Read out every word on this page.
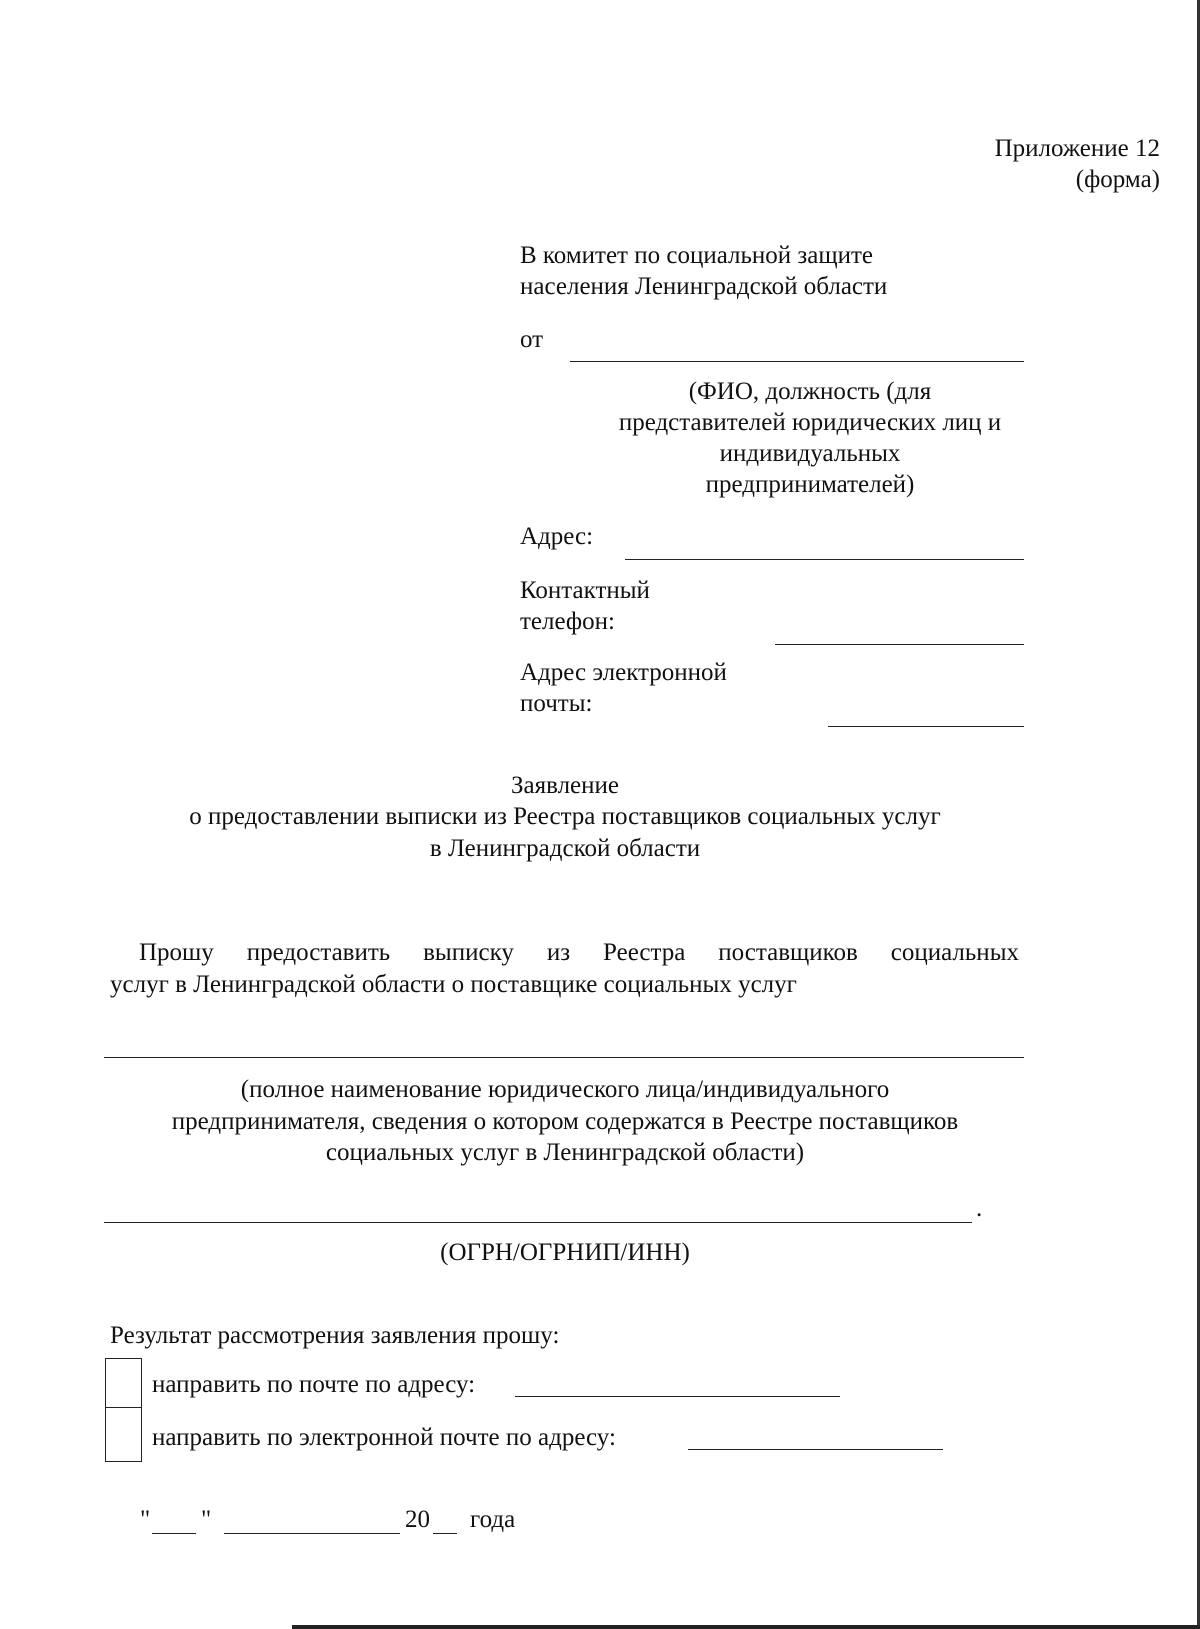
Приложение 12
(форма)
В комитет по социальной защите
населения Ленинградской области
от
(ФИО, должность (для
представителей юридических лиц и
индивидуальных
предпринимателей)
Адрес:
Контактный
телефон:
Адрес электронной
почты:
Заявление
о предоставлении выписки из Реестра поставщиков социальных услуг
в Ленинградской области
Прошу предоставить выписку из Реестра поставщиков социальных
услуг в Ленинградской области о поставщике социальных услуг
(полное наименование юридического лица/индивидуального
предпринимателя, сведения о котором содержатся в Реестре поставщиков
социальных услуг в Ленинградской области)
.
(ОГРН/ОГРНИП/ИНН)
Результат рассмотрения заявления прошу:
направить по почте по адресу:
направить по электронной почте по адресу:
" "	20 года
